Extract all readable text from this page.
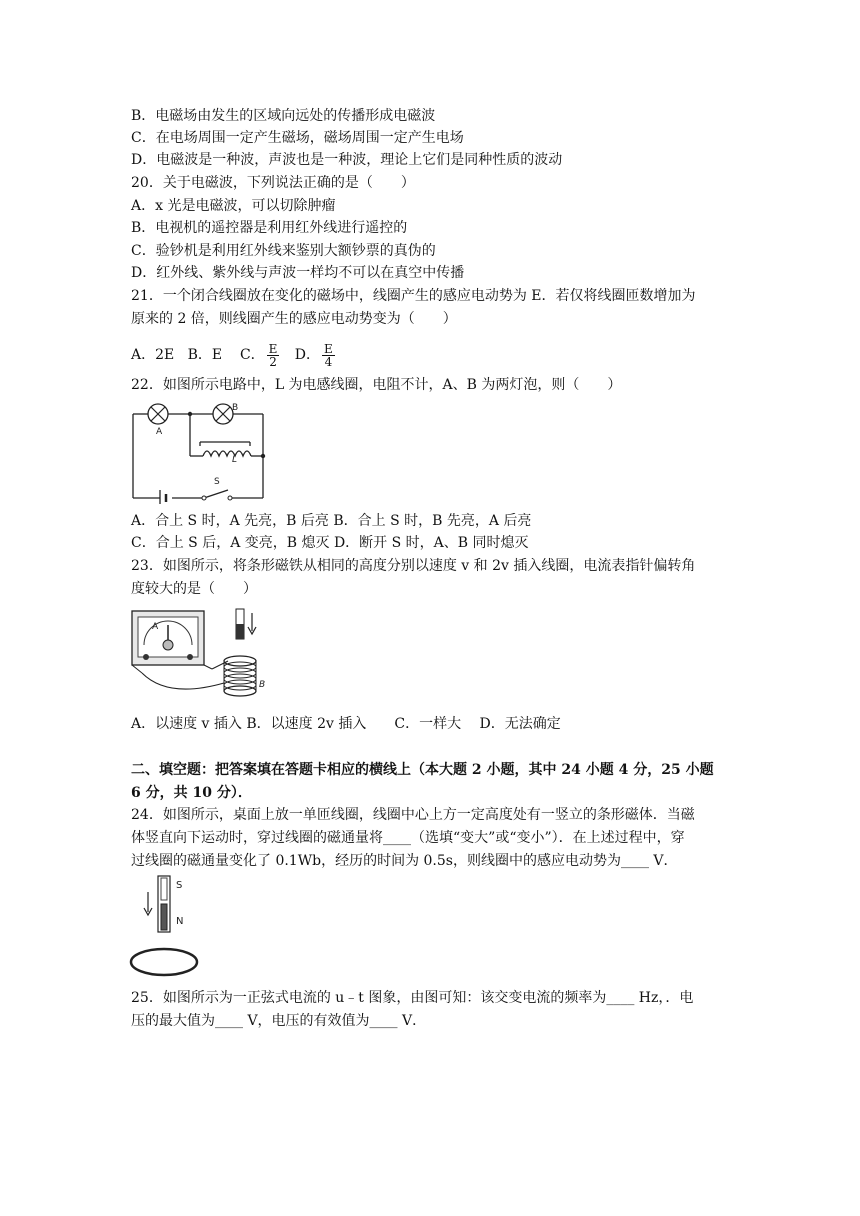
B．电磁场由发生的区域向远处的传播形成电磁波
C．在电场周围一定产生磁场，磁场周围一定产生电场
D．电磁波是一种波，声波也是一种波，理论上它们是同种性质的波动
20．关于电磁波，下列说法正确的是（　　）
A．x 光是电磁波，可以切除肿瘤
B．电视机的遥控器是利用红外线进行遥控的
C．验钞机是利用红外线来鉴别大额钞票的真伪的
D．红外线、紫外线与声波一样均不可以在真空中传播
21．一个闭合线圈放在变化的磁场中，线圈产生的感应电动势为 E．若仅将线圈匝数增加为
原来的 2 倍，则线圈产生的感应电动势变为（　　）
A．2E B．E C． $\frac{E}{2}$ D． $\frac{E}{4}$
22．如图所示电路中，L 为电感线圈，电阻不计，A、B 为两灯泡，则（　　）
A
B
L
S
A．合上 S 时，A 先亮，B 后亮 B．合上 S 时，B 先亮，A 后亮
C．合上 S 后，A 变亮，B 熄灭 D．断开 S 时，A、B 同时熄灭
23．如图所示，将条形磁铁从相同的高度分别以速度 v 和 2v 插入线圈，电流表指针偏转角
度较大的是（　　）
A
B
A．以速度 v 插入 B．以速度 2v 插入　　C．一样大　 D．无法确定
二、填空题：把答案填在答题卡相应的横线上（本大题 2 小题，其中 24 小题 4 分，25 小题
6 分，共 10 分）．
24．如图所示，桌面上放一单匝线圈，线圈中心上方一定高度处有一竖立的条形磁体．当磁
体竖直向下运动时，穿过线圈的磁通量将____（选填“变大”或“变小”）．在上述过程中，穿
过线圈的磁通量变化了 0.1Wb，经历的时间为 0.5s，则线圈中的感应电动势为____ V．
S
N
25．如图所示为一正弦式电流的 u﹣t 图象，由图可知：该交变电流的频率为____ Hz，．电
压的最大值为____ V，电压的有效值为____ V．
